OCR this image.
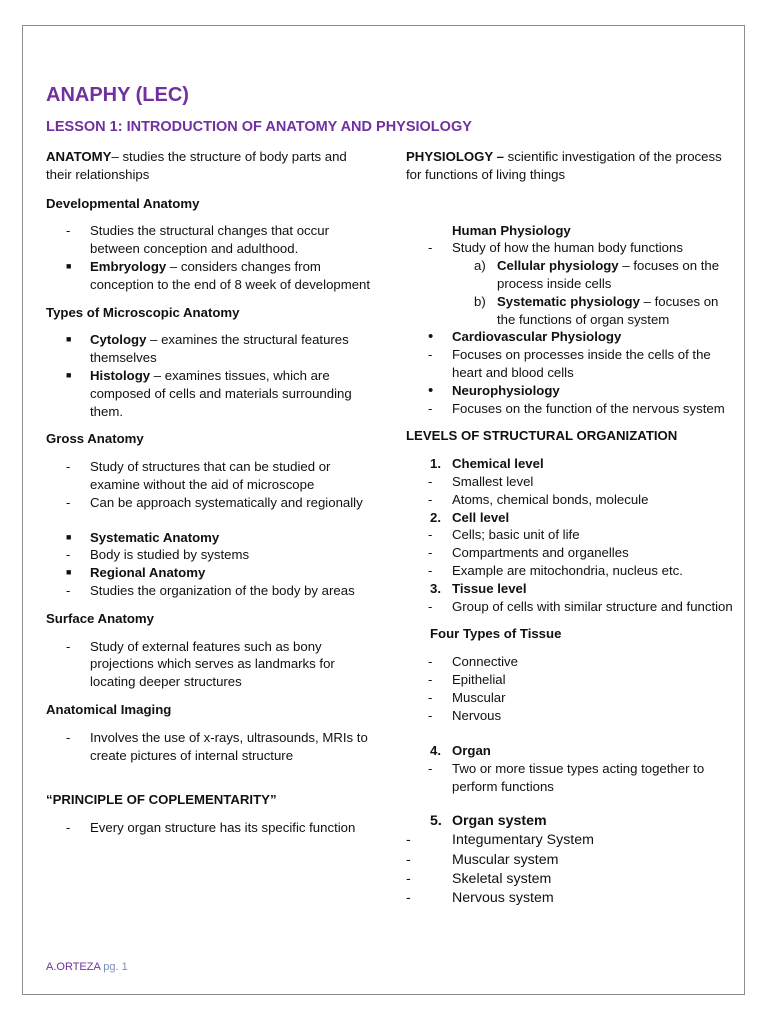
ANAPHY (LEC)
LESSON 1: INTRODUCTION OF ANATOMY AND PHYSIOLOGY

ANATOMY– studies the structure of body parts and their relationships

Developmental Anatomy

- Studies the structural changes that occur between conception and adulthood.
■ Embryology – considers changes from conception to the end of 8 week of development

Types of Microscopic Anatomy

■ Cytology – examines the structural features themselves
■ Histology – examines tissues, which are composed of cells and materials surrounding them.

Gross Anatomy

- Study of structures that can be studied or examine without the aid of microscope
- Can be approach systematically and regionally
■ Systematic Anatomy
- Body is studied by systems
■ Regional Anatomy
- Studies the organization of the body by areas

Surface Anatomy

- Study of external features such as bony projections which serves as landmarks for locating deeper structures

Anatomical Imaging

- Involves the use of x-rays, ultrasounds, MRIs to create pictures of internal structure

“PRINCIPLE OF COPLEMENTARITY”

- Every organ structure has its specific function

PHYSIOLOGY – scientific investigation of the process for functions of living things

Human Physiology

- Study of how the human body functions
a) Cellular physiology – focuses on the process inside cells
b) Systematic physiology – focuses on the functions of organ system
• Cardiovascular Physiology
- Focuses on processes inside the cells of the heart and blood cells
• Neurophysiology
- Focuses on the function of the nervous system

LEVELS OF STRUCTURAL ORGANIZATION

1. Chemical level
- Smallest level
- Atoms, chemical bonds, molecule
2. Cell level
- Cells; basic unit of life
- Compartments and organelles
- Example are mitochondria, nucleus etc.
3. Tissue level
- Group of cells with similar structure and function

Four Types of Tissue

- Connective
- Epithelial
- Muscular
- Nervous
4. Organ
- Two or more tissue types acting together to perform functions
5. Organ system
-	Integumentary System
-	Muscular system
-	Skeletal system
-	Nervous system
A.ORTEZA pg. 1
